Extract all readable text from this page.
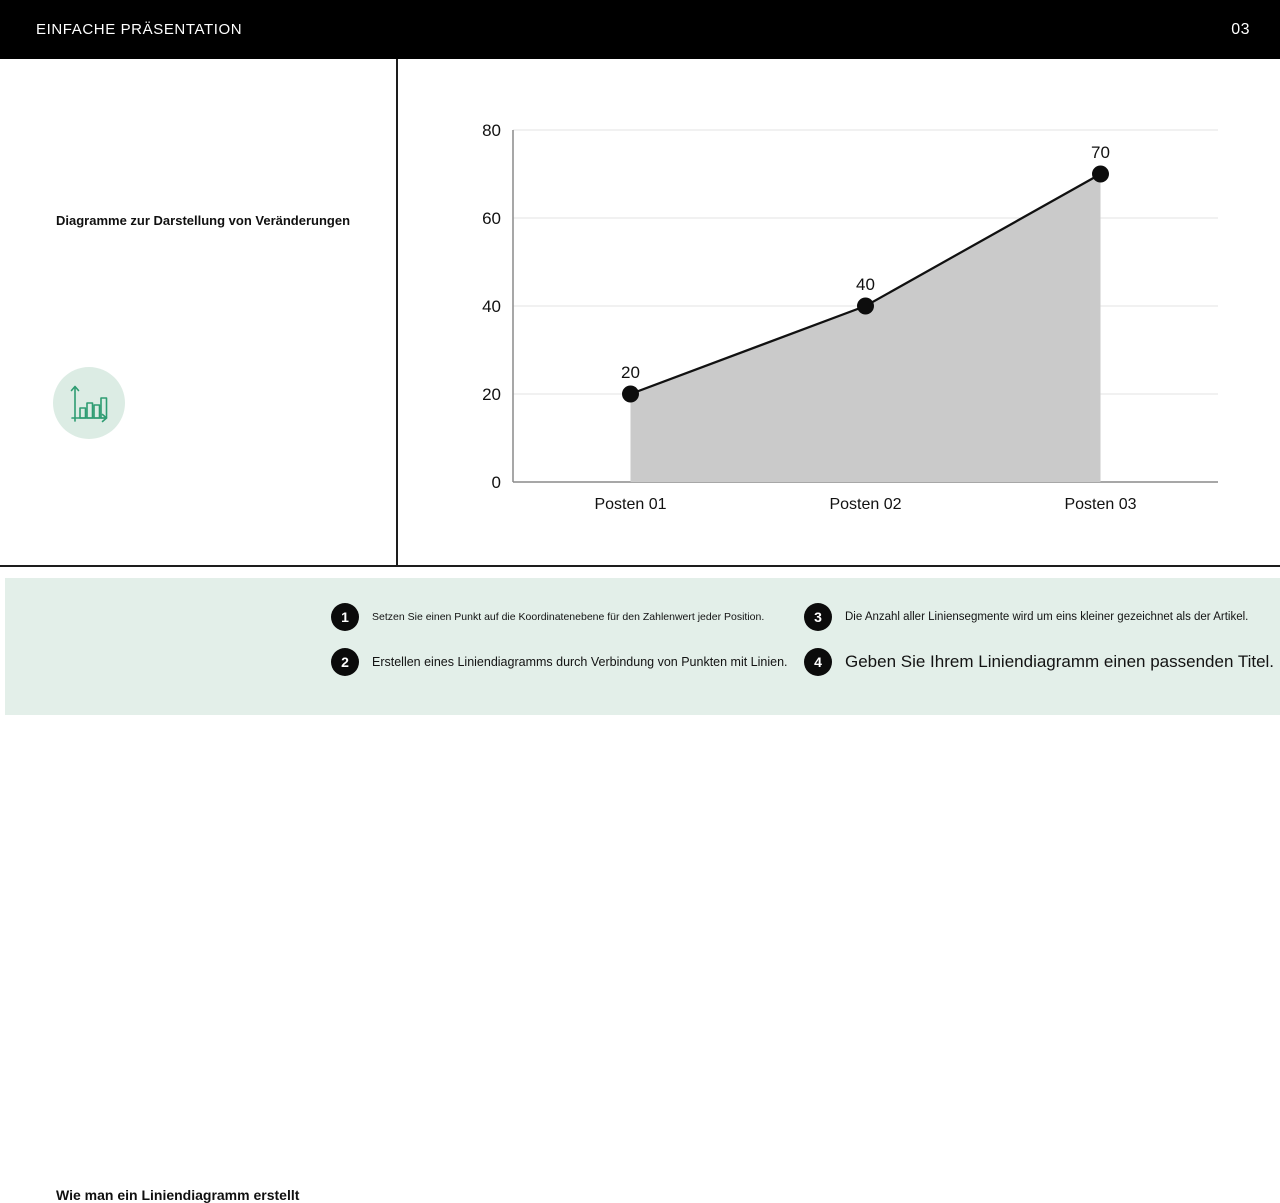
EINFACHE PRÄSENTATION	03
Diagramme zur Darstellung von Veränderungen
0
20
40
60
80
20
Posten 01
40
Posten 02
70
Posten 03
Wie man ein Liniendiagramm erstellt
1	Setzen Sie einen Punkt auf die Koordinatenebene für den Zahlenwert jeder Position.
2	Erstellen eines Liniendiagramms durch Verbindung von Punkten mit Linien.
3	Die Anzahl aller Liniensegmente wird um eins kleiner gezeichnet als der Artikel.
4	Geben Sie Ihrem Liniendiagramm einen passenden Titel.
